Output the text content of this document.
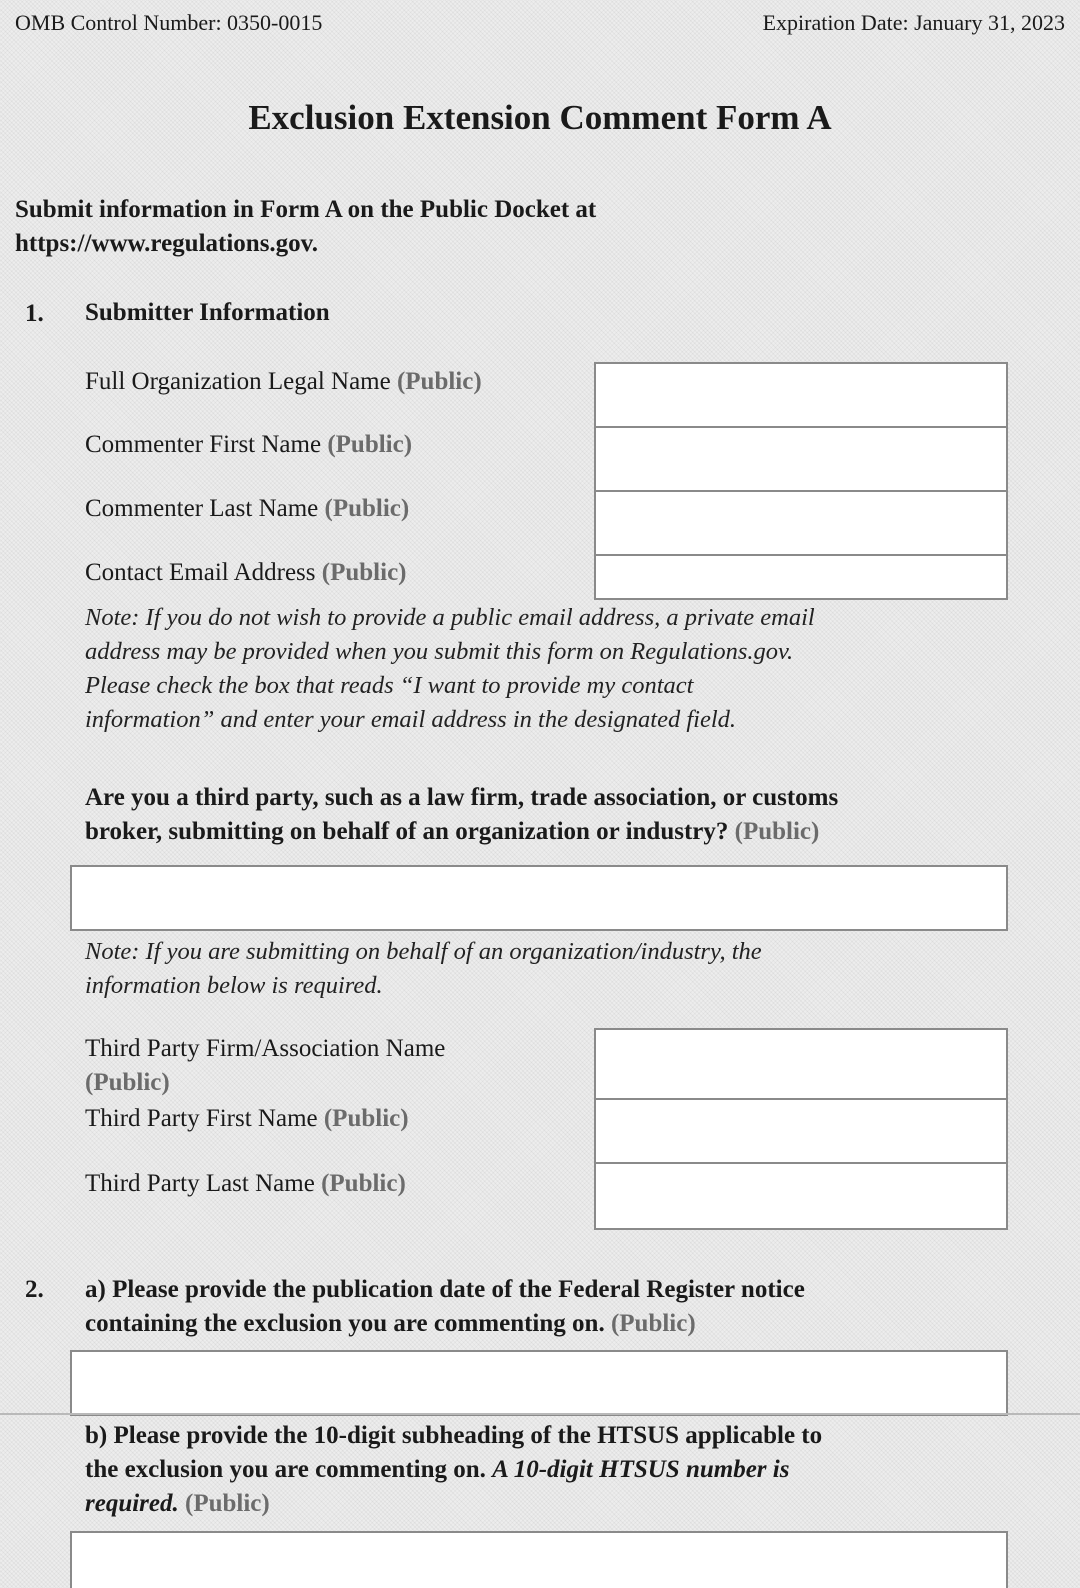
OMB Control Number: 0350-0015	Expiration Date: January 31, 2023
Exclusion Extension Comment Form A
Submit information in Form A on the Public Docket at
https://www.regulations.gov.
1. Submitter Information
Full Organization Legal Name (Public)
Commenter First Name (Public)
Commenter Last Name (Public)
Contact Email Address (Public)
Note: If you do not wish to provide a public email address, a private email
address may be provided when you submit this form on Regulations.gov.
Please check the box that reads “I want to provide my contact
information” and enter your email address in the designated field.
Are you a third party, such as a law firm, trade association, or customs
broker, submitting on behalf of an organization or industry? (Public)
Note: If you are submitting on behalf of an organization/industry, the
information below is required.
Third Party Firm/Association Name
(Public)
Third Party First Name (Public)
Third Party Last Name (Public)
2. a) Please provide the publication date of the Federal Register notice
containing the exclusion you are commenting on. (Public)
b) Please provide the 10-digit subheading of the HTSUS applicable to
the exclusion you are commenting on. A 10-digit HTSUS number is
required. (Public)
